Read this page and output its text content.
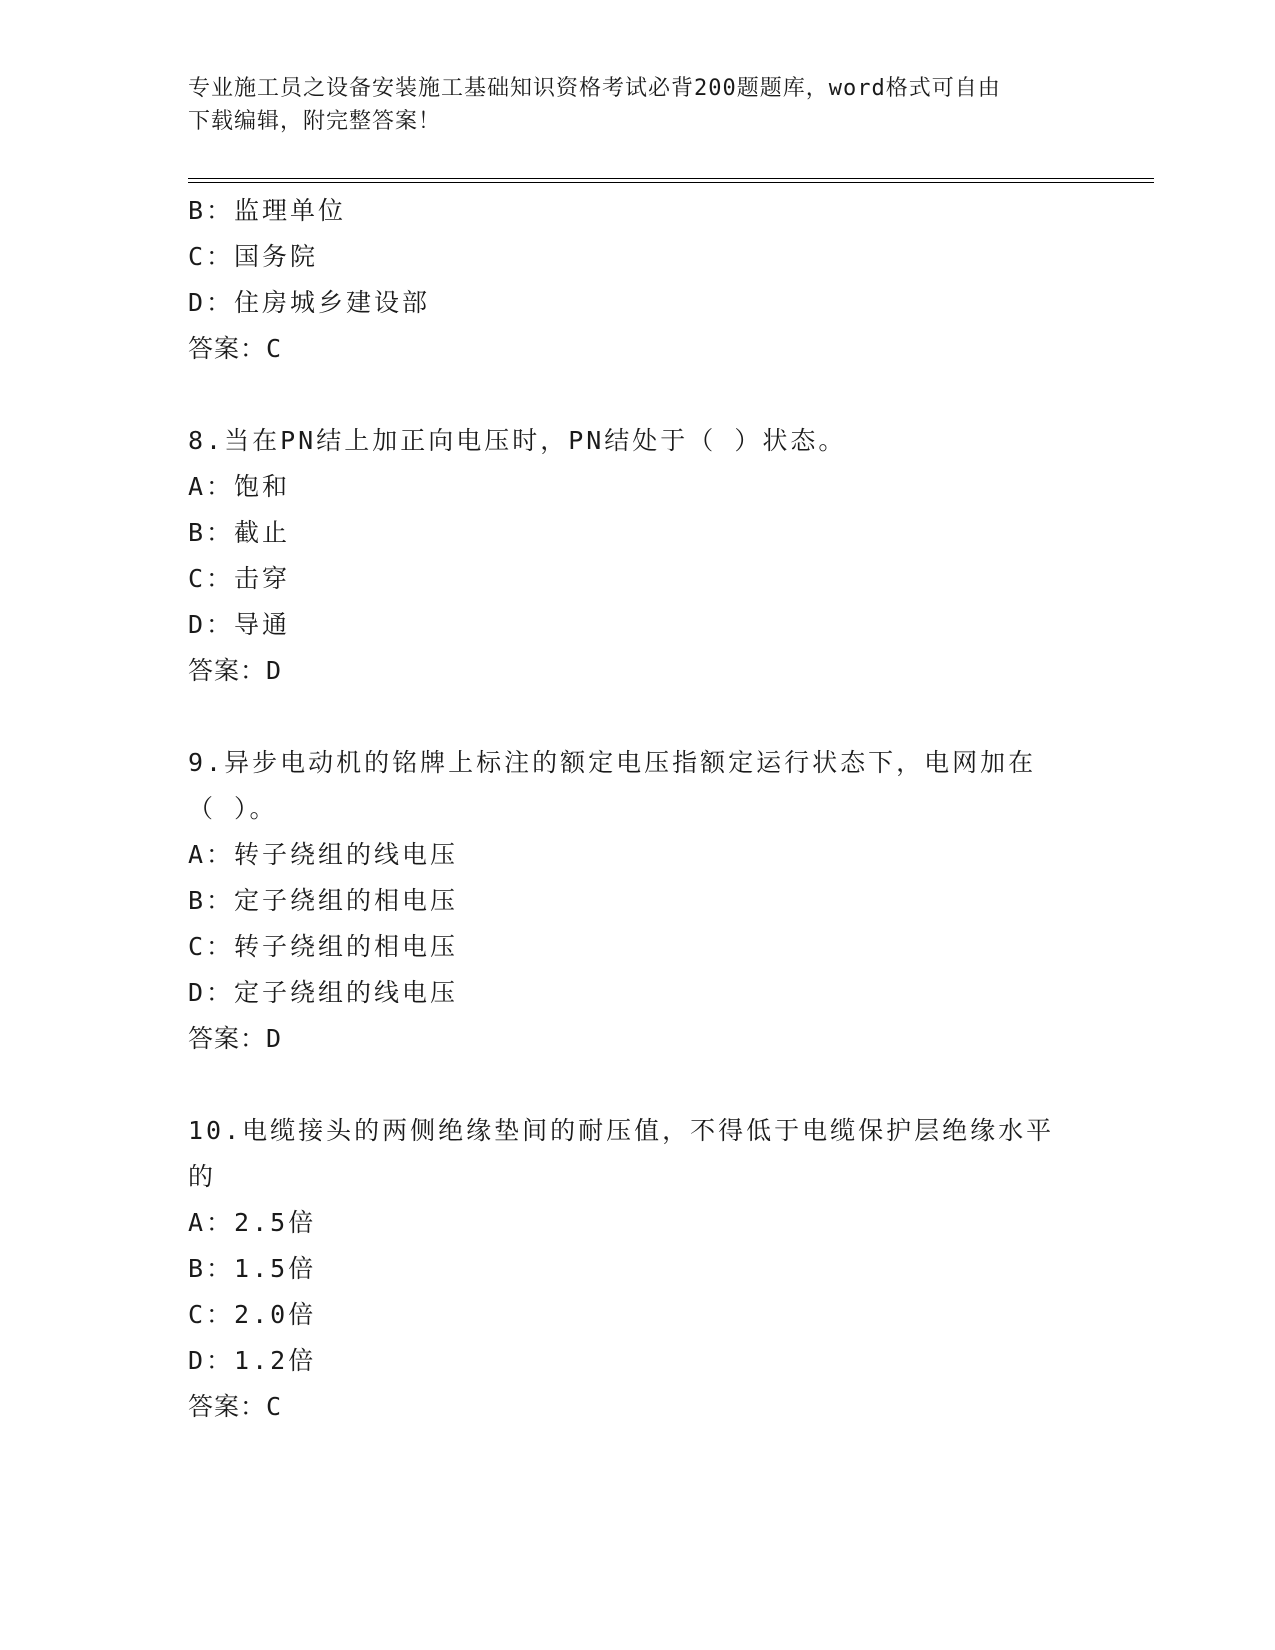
专业施工员之设备安装施工基础知识资格考试必背200题题库，word格式可自由
下载编辑，附完整答案！
B：监理单位
C：国务院
D：住房城乡建设部
答案：C
8.当在PN结上加正向电压时，PN结处于（ ）状态。
A：饱和
B：截止
C：击穿
D：导通
答案：D
9.异步电动机的铭牌上标注的额定电压指额定运行状态下，电网加在
（ ）。
A：转子绕组的线电压
B：定子绕组的相电压
C：转子绕组的相电压
D：定子绕组的线电压
答案：D
10.电缆接头的两侧绝缘垫间的耐压值，不得低于电缆保护层绝缘水平
的
A：2.5倍
B：1.5倍
C：2.0倍
D：1.2倍
答案：C
